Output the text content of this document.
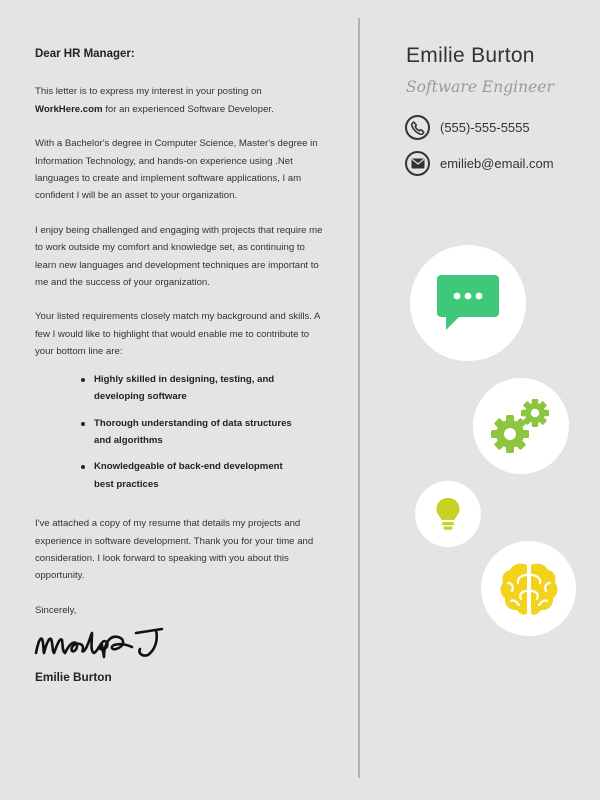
Dear HR Manager:

This letter is to express my interest in your posting on WorkHere.com for an experienced Software Developer.

With a Bachelor's degree in Computer Science, Master's degree in Information Technology, and hands-on experience using .Net languages to create and implement software applications, I am confident I will be an asset to your organization.

I enjoy being challenged and engaging with projects that require me to work outside my comfort and knowledge set, as continuing to learn new languages and development techniques are important to me and the success of your organization.

Your listed requirements closely match my background and skills. A few I would like to highlight that would enable me to contribute to your bottom line are:

Highly skilled in designing, testing, and developing software
Thorough understanding of data structures and algorithms
Knowledgeable of back-end development best practices

I've attached a copy of my resume that details my projects and experience in software development. Thank you for your time and consideration. I look forward to speaking with you about this opportunity.

Sincerely,

Emilie Burton
Emilie Burton
Software Engineer
(555)-555-5555
emilieb@email.com
